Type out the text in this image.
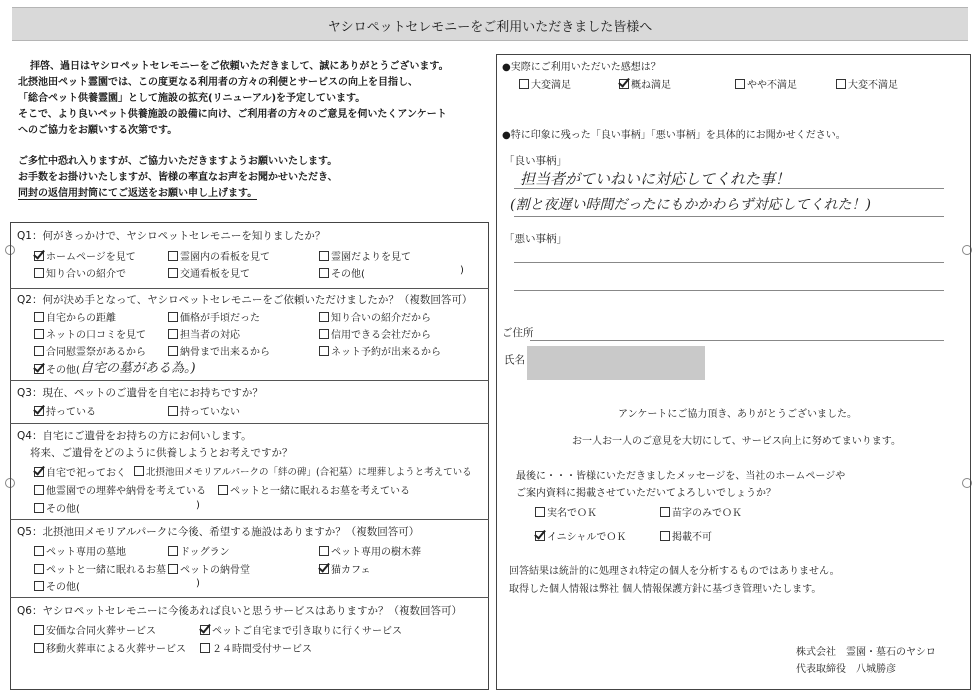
ヤシロペットセレモニーをご利用いただきました皆様へ
拝啓、過日はヤシロペットセレモニーをご依頼いただきまして、誠にありがとうございます。
北摂池田ペット霊園では、この度更なる利用者の方々の利便とサービスの向上を目指し、
「総合ペット供養霊園」として施設の拡充(リニューアル)を予定しています。
そこで、より良いペット供養施設の設備に向け、ご利用者の方々のご意見を伺いたくアンケート
へのご協力をお願いする次第です。
ご多忙中恐れ入りますが、ご協力いただきますようお願いいたします。
お手数をお掛けいたしますが、皆様の率直なお声をお聞かせいただき、
同封の返信用封筒にてご返送をお願い申し上げます。
Q1：何がきっかけで、ヤシロペットセレモニーを知りましたか？
ホームページを見て	霊園内の看板を見て	霊園だよりを見て
知り合いの紹介で	交通看板を見て	その他(	)
Q2：何が決め手となって、ヤシロペットセレモニーをご依頼いただけましたか？（複数回答可）
自宅からの距離	価格が手頃だった	知り合いの紹介だから
ネットの口コミを見て	担当者の対応	信用できる会社だから
合同慰霊祭があるから	納骨まで出来るから	ネット予約が出来るから
その他( 自宅の墓がある為。)
Q3：現在、ペットのご遺骨を自宅にお持ちですか？
持っている	持っていない
Q4：自宅にご遺骨をお持ちの方にお伺いします。
将来、ご遺骨をどのように供養しようとお考えですか？
自宅で祀っておく	北摂池田メモリアルパークの「絆の碑」(合祀墓）に埋葬しようと考えている
他霊園での埋葬や納骨を考えている	ペットと一緒に眠れるお墓を考えている
その他(	)
Q5：北摂池田メモリアルパークに今後、希望する施設はありますか？（複数回答可）
ペット専用の墓地	ドッグラン	ペット専用の樹木葬
ペットと一緒に眠れるお墓	ペットの納骨堂	猫カフェ
その他(	)
Q6：ヤシロペットセレモニーに今後あれば良いと思うサービスはありますか？（複数回答可）
安価な合同火葬サービス	ペットご自宅まで引き取りに行くサービス
移動火葬車による火葬サービス	２４時間受付サービス
●実際にご利用いただいた感想は？
大変満足	概ね満足	やや不満足	大変不満足
●特に印象に残った「良い事柄」「悪い事柄」を具体的にお聞かせください。
「良い事柄」
担当者がていねいに対応してくれた事！
(割と夜遅い時間だったにもかかわらず対応してくれた！)
「悪い事柄」
ご住所
氏名
アンケートにご協力頂き、ありがとうございました。
お一人お一人のご意見を大切にして、サービス向上に努めてまいります。
最後に・・・皆様にいただきましたメッセージを、当社のホームページや
ご案内資料に掲載させていただいてよろしいでしょうか？
実名でＯＫ	苗字のみでＯＫ
イニシャルでＯＫ	掲載不可
回答結果は統計的に処理され特定の個人を分析するものではありません。
取得した個人情報は弊社 個人情報保護方針に基づき管理いたします。
株式会社　霊園・墓石のヤシロ
代表取締役　八城勝彦
